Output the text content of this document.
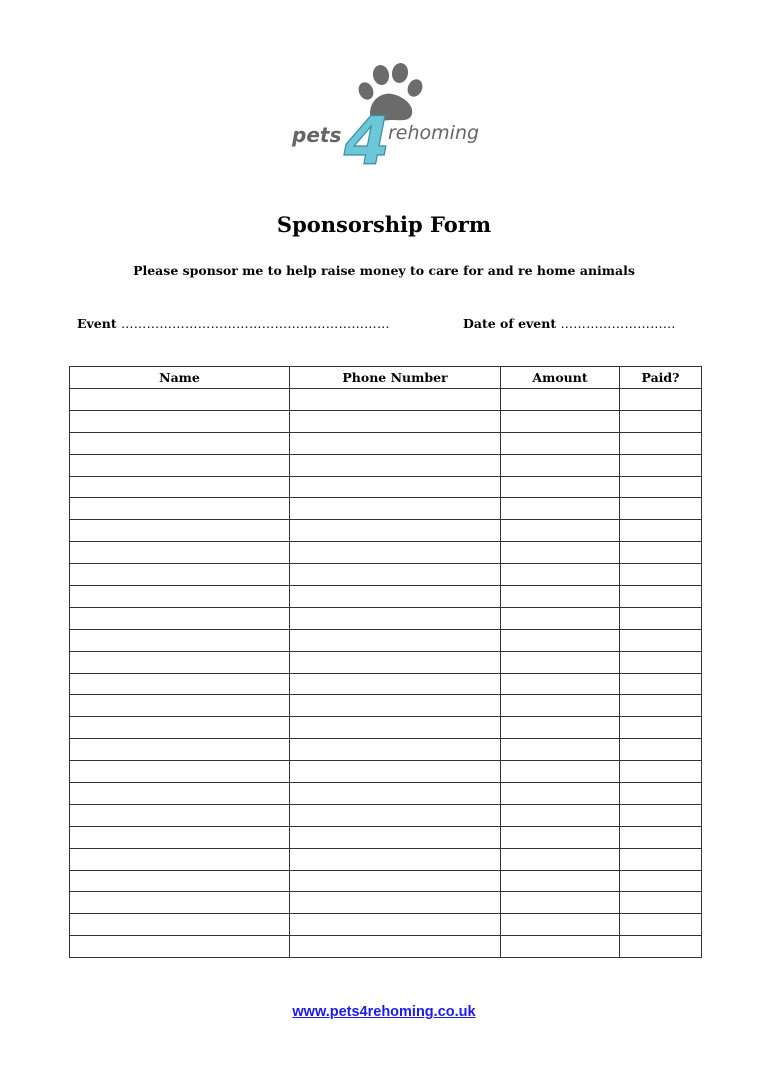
pets 4
rehoming
Sponsorship Form
Please sponsor me to help raise money to care for and re home animals
Event ………………………………………………………	Date of event ………………………
Name	Phone Number	Amount	Paid?

www.pets4rehoming.co.uk
